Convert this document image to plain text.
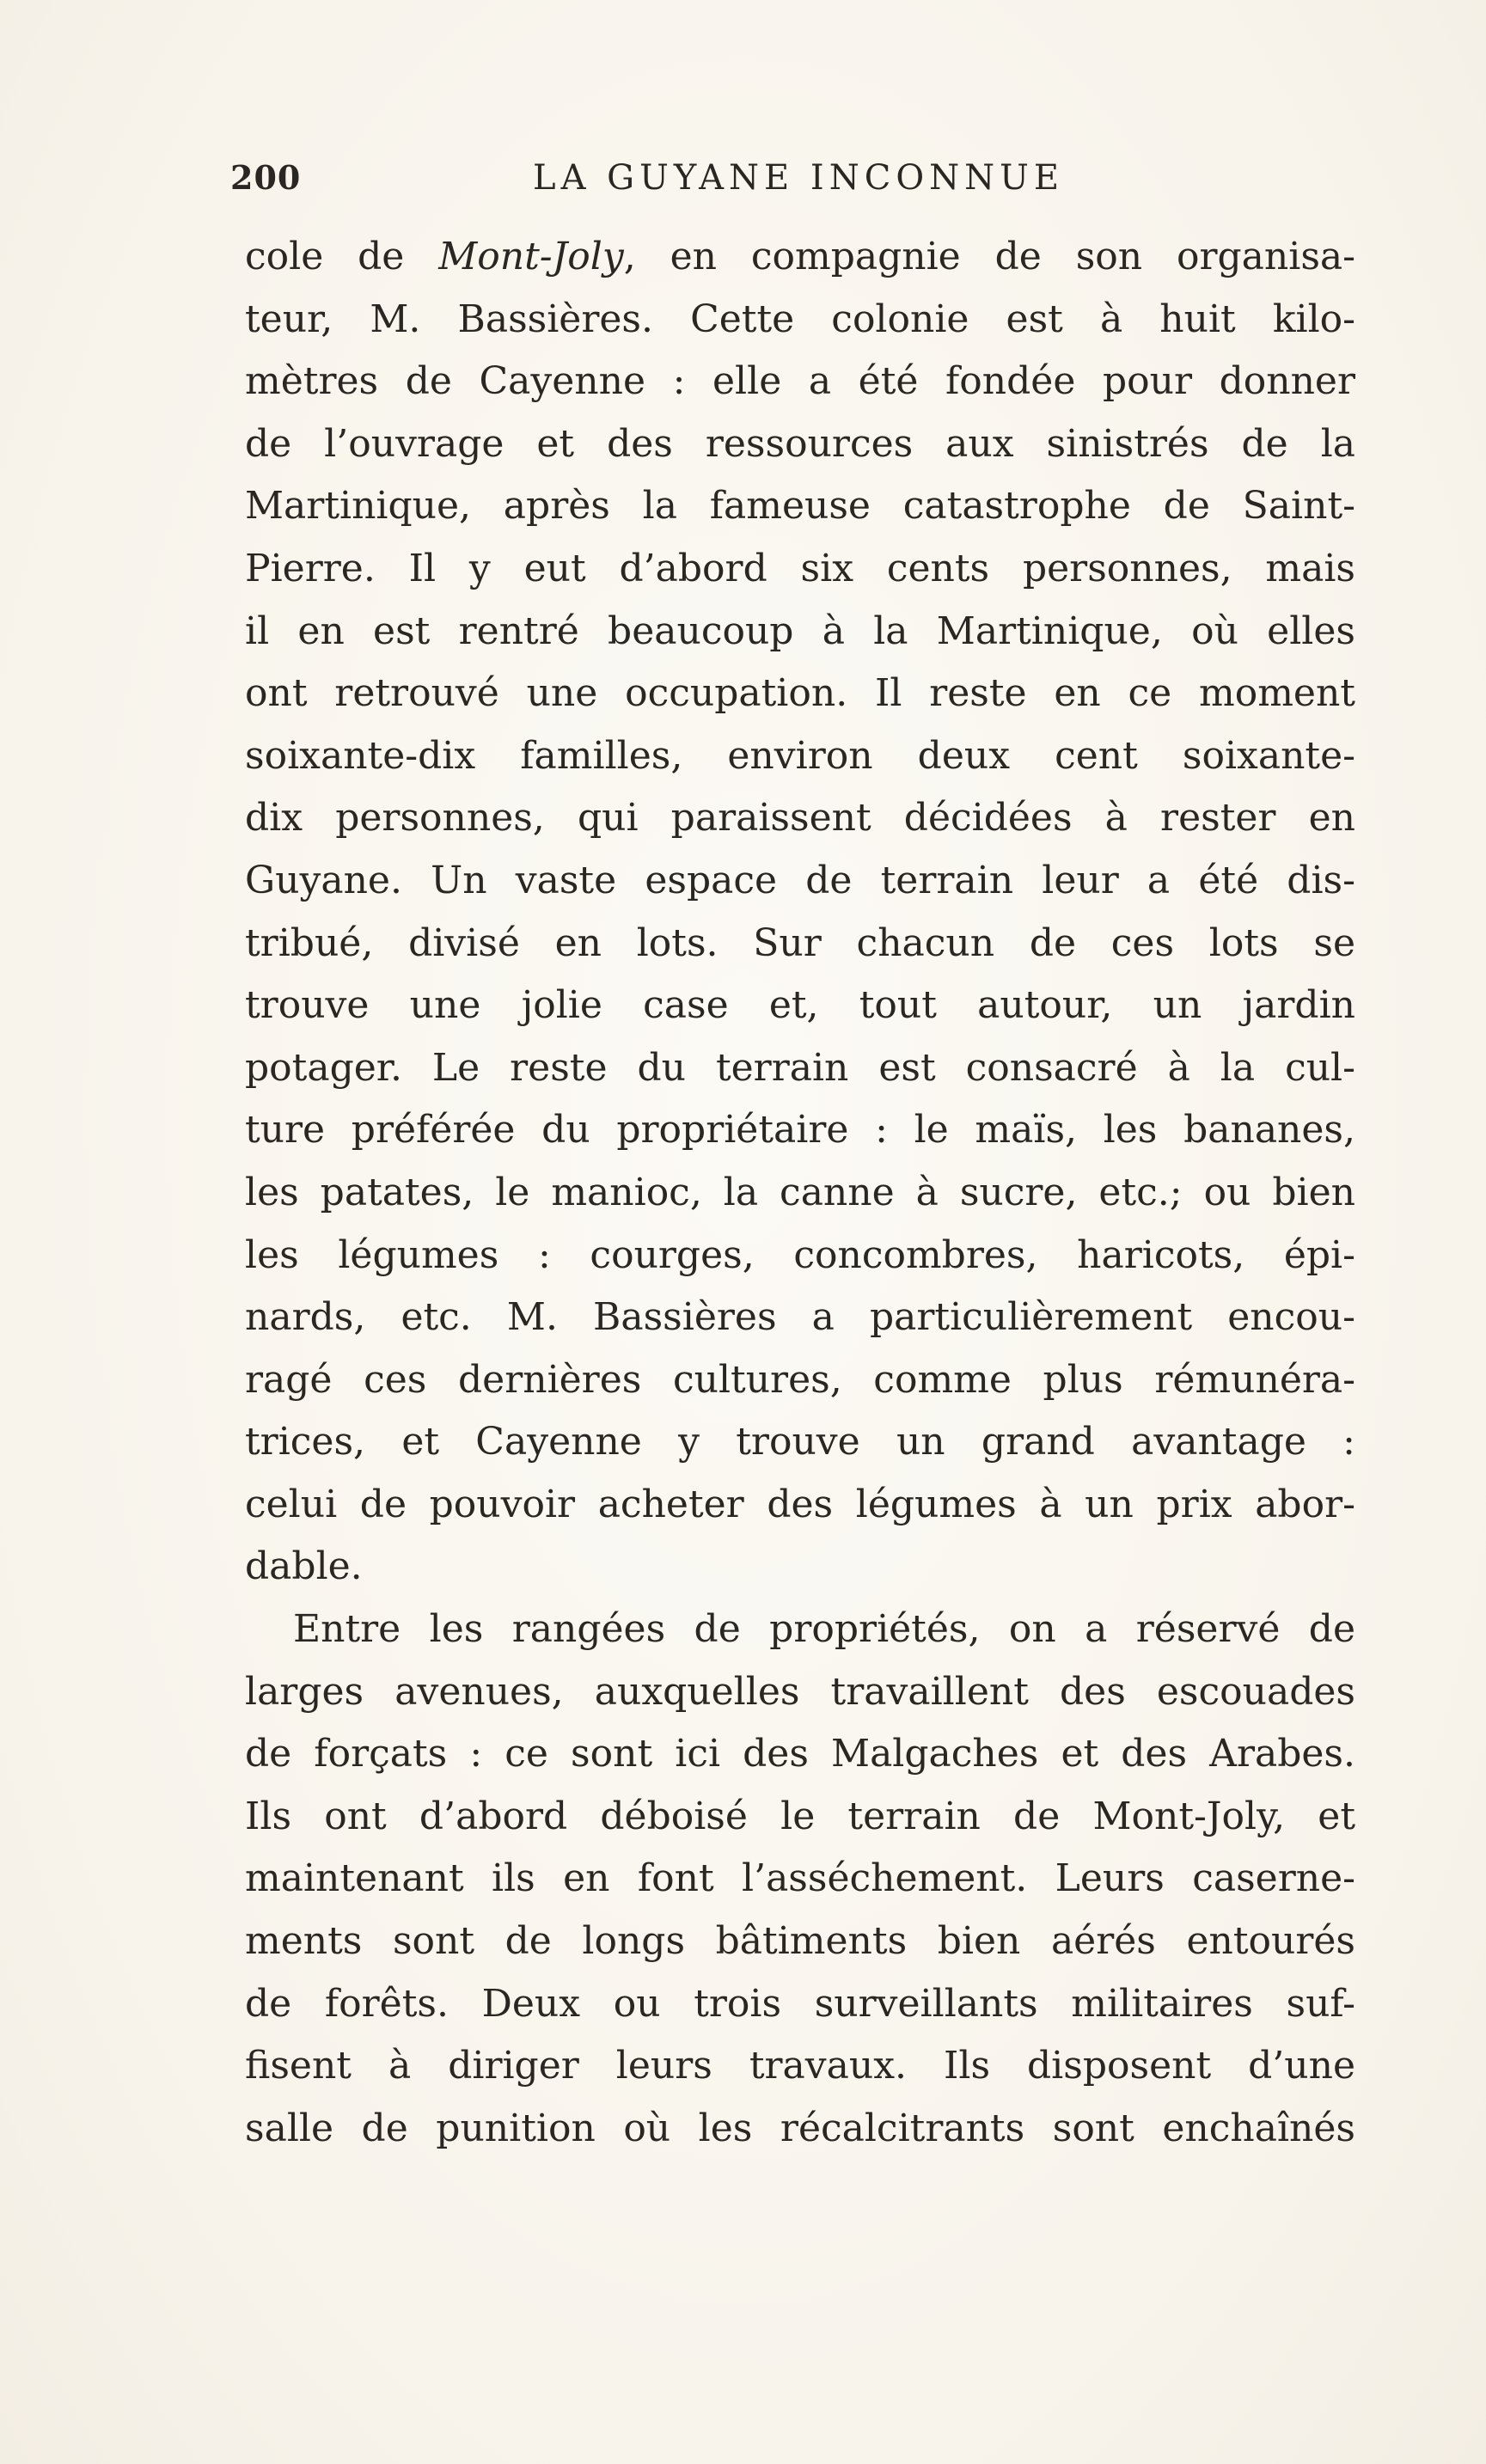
200	LA GUYANE INCONNUE
cole de Mont-Joly, en compagnie de son organisa-
teur, M. Bassières. Cette colonie est à huit kilo-
mètres de Cayenne : elle a été fondée pour donner
de l’ouvrage et des ressources aux sinistrés de la
Martinique, après la fameuse catastrophe de Saint-
Pierre. Il y eut d’abord six cents personnes, mais
il en est rentré beaucoup à la Martinique, où elles
ont retrouvé une occupation. Il reste en ce moment
soixante-dix familles, environ deux cent soixante-
dix personnes, qui paraissent décidées à rester en
Guyane. Un vaste espace de terrain leur a été dis-
tribué, divisé en lots. Sur chacun de ces lots se
trouve une jolie case et, tout autour, un jardin
potager. Le reste du terrain est consacré à la cul-
ture préférée du propriétaire : le maïs, les bananes,
les patates, le manioc, la canne à sucre, etc.; ou bien
les légumes : courges, concombres, haricots, épi-
nards, etc. M. Bassières a particulièrement encou-
ragé ces dernières cultures, comme plus rémunéra-
trices, et Cayenne y trouve un grand avantage :
celui de pouvoir acheter des légumes à un prix abor-
dable.
Entre les rangées de propriétés, on a réservé de
larges avenues, auxquelles travaillent des escouades
de forçats : ce sont ici des Malgaches et des Arabes.
Ils ont d’abord déboisé le terrain de Mont-Joly, et
maintenant ils en font l’asséchement. Leurs caserne-
ments sont de longs bâtiments bien aérés entourés
de forêts. Deux ou trois surveillants militaires suf-
fisent à diriger leurs travaux. Ils disposent d’une
salle de punition où les récalcitrants sont enchaînés
